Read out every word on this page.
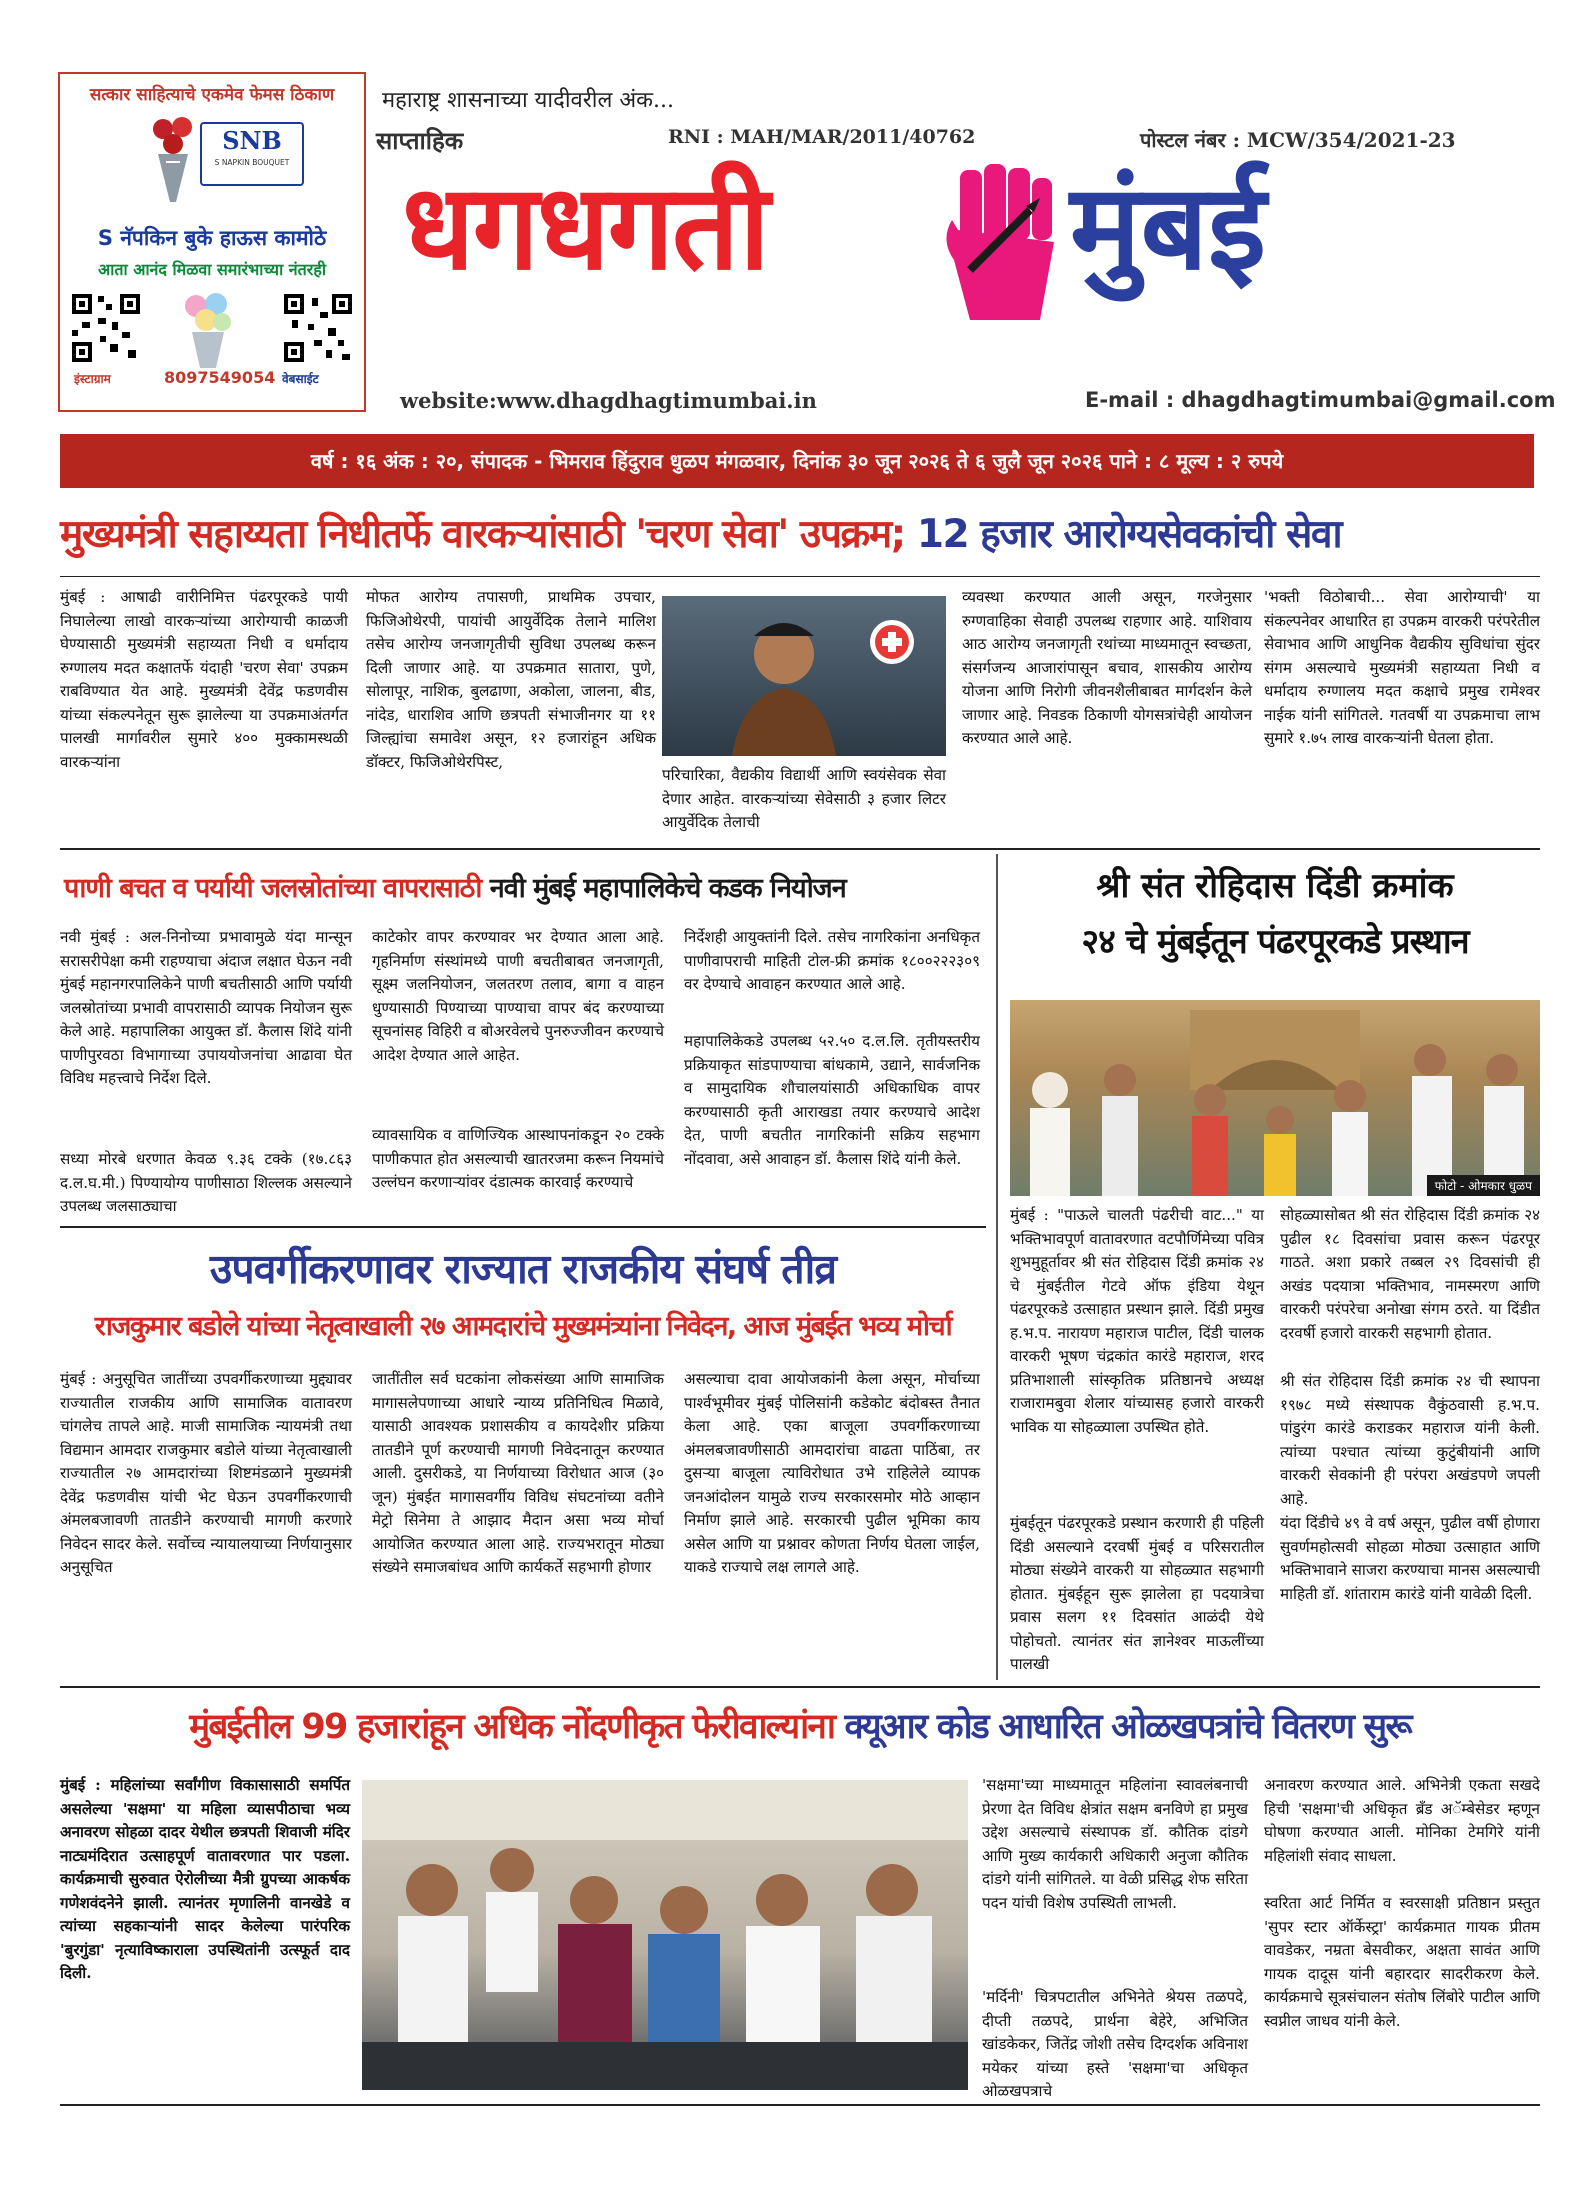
सत्कार साहित्याचे एकमेव फेमस ठिकाण
SNB
S NAPKIN BOUQUET
S नॅपकिन बुके हाऊस कामोठे
आता आनंद मिळवा समारंभाच्या नंतरही
इंस्टाग्राम	8097549054 वेबसाईट
महाराष्ट्र शासनाच्या यादीवरील अंक...
साप्ताहिक	RNI : MAH/MAR/2011/40762	पोस्टल नंबर : MCW/354/2021-23
धगधगती	मुंबई
website:www.dhagdhagtimumbai.in	E-mail : dhagdhagtimumbai@gmail.com
वर्ष : १६ अंक : २०, संपादक - भिमराव हिंदुराव धुळप मंगळवार, दिनांक ३० जून २०२६ ते ६ जुलै जून २०२६ पाने : ८ मूल्य : २ रुपये
मुख्यमंत्री सहाय्यता निधीतर्फे वारकऱ्यांसाठी 'चरण सेवा' उपक्रम; 12 हजार आरोग्यसेवकांची सेवा
मुंबई : आषाढी वारीनिमित्त पंढरपूरकडे पायी निघालेल्या लाखो वारकऱ्यांच्या आरोग्याची काळजी घेण्यासाठी मुख्यमंत्री सहाय्यता निधी व धर्मादाय रुग्णालय मदत कक्षातर्फे यंदाही 'चरण सेवा' उपक्रम राबविण्यात येत आहे. मुख्यमंत्री देवेंद्र फडणवीस यांच्या संकल्पनेतून सुरू झालेल्या या उपक्रमाअंतर्गत पालखी मार्गावरील सुमारे ४०० मुक्कामस्थळी वारकऱ्यांना
मोफत आरोग्य तपासणी, प्राथमिक उपचार, फिजिओथेरपी, पायांची आयुर्वेदिक तेलाने मालिश तसेच आरोग्य जनजागृतीची सुविधा उपलब्ध करून दिली जाणार आहे. या उपक्रमात सातारा, पुणे, सोलापूर, नाशिक, बुलढाणा, अकोला, जालना, बीड, नांदेड, धाराशिव आणि छत्रपती संभाजीनगर या ११ जिल्ह्यांचा समावेश असून, १२ हजारांहून अधिक डॉक्टर, फिजिओथेरपिस्ट,
परिचारिका, वैद्यकीय विद्यार्थी आणि स्वयंसेवक सेवा देणार आहेत. वारकऱ्यांच्या सेवेसाठी ३ हजार लिटर आयुर्वेदिक तेलाची
व्यवस्था करण्यात आली असून, गरजेनुसार रुग्णवाहिका सेवाही उपलब्ध राहणार आहे. याशिवाय आठ आरोग्य जनजागृती रथांच्या माध्यमातून स्वच्छता, संसर्गजन्य आजारांपासून बचाव, शासकीय आरोग्य योजना आणि निरोगी जीवनशैलीबाबत मार्गदर्शन केले जाणार आहे. निवडक ठिकाणी योगसत्रांचेही आयोजन करण्यात आले आहे.
'भक्ती विठोबाची... सेवा आरोग्याची' या संकल्पनेवर आधारित हा उपक्रम वारकरी परंपरेतील सेवाभाव आणि आधुनिक वैद्यकीय सुविधांचा सुंदर संगम असल्याचे मुख्यमंत्री सहाय्यता निधी व धर्मादाय रुग्णालय मदत कक्षाचे प्रमुख रामेश्वर नाईक यांनी सांगितले. गतवर्षी या उपक्रमाचा लाभ सुमारे १.७५ लाख वारकऱ्यांनी घेतला होता.
पाणी बचत व पर्यायी जलस्रोतांच्या वापरासाठी नवी मुंबई महापालिकेचे कडक नियोजन
नवी मुंबई : अल-निनोच्या प्रभावामुळे यंदा मान्सून सरासरीपेक्षा कमी राहण्याचा अंदाज लक्षात घेऊन नवी मुंबई महानगरपालिकेने पाणी बचतीसाठी आणि पर्यायी जलस्रोतांच्या प्रभावी वापरासाठी व्यापक नियोजन सुरू केले आहे. महापालिका आयुक्त डॉ. कैलास शिंदे यांनी पाणीपुरवठा विभागाच्या उपाययोजनांचा आढावा घेत विविध महत्त्वाचे निर्देश दिले.
सध्या मोरबे धरणात केवळ ९.३६ टक्के (१७.८६३ द.ल.घ.मी.) पिण्यायोग्य पाणीसाठा शिल्लक असल्याने उपलब्ध जलसाठ्याचा
काटेकोर वापर करण्यावर भर देण्यात आला आहे. गृहनिर्माण संस्थांमध्ये पाणी बचतीबाबत जनजागृती, सूक्ष्म जलनियोजन, जलतरण तलाव, बागा व वाहन धुण्यासाठी पिण्याच्या पाण्याचा वापर बंद करण्याच्या सूचनांसह विहिरी व बोअरवेलचे पुनरुज्जीवन करण्याचे आदेश देण्यात आले आहेत.
व्यावसायिक व वाणिज्यिक आस्थापनांकडून २० टक्के पाणीकपात होत असल्याची खातरजमा करून नियमांचे उल्लंघन करणाऱ्यांवर दंडात्मक कारवाई करण्याचे
निर्देशही आयुक्तांनी दिले. तसेच नागरिकांना अनधिकृत पाणीवापराची माहिती टोल-फ्री क्रमांक १८००२२२३०९ वर देण्याचे आवाहन करण्यात आले आहे.
महापालिकेकडे उपलब्ध ५२.५० द.ल.लि. तृतीयस्तरीय प्रक्रियाकृत सांडपाण्याचा बांधकामे, उद्याने, सार्वजनिक व सामुदायिक शौचालयांसाठी अधिकाधिक वापर करण्यासाठी कृती आराखडा तयार करण्याचे आदेश देत, पाणी बचतीत नागरिकांनी सक्रिय सहभाग नोंदवावा, असे आवाहन डॉ. कैलास शिंदे यांनी केले.
श्री संत रोहिदास दिंडी क्रमांक
२४ चे मुंबईतून पंढरपूरकडे प्रस्थान
फोटो - ओमकार धुळप
मुंबई : "पाऊले चालती पंढरीची वाट..." या भक्तिभावपूर्ण वातावरणात वटपौर्णिमेच्या पवित्र शुभमुहूर्तावर श्री संत रोहिदास दिंडी क्रमांक २४ चे मुंबईतील गेटवे ऑफ इंडिया येथून पंढरपूरकडे उत्साहात प्रस्थान झाले. दिंडी प्रमुख ह.भ.प. नारायण महाराज पाटील, दिंडी चालक वारकरी भूषण चंद्रकांत कारंडे महाराज, शरद प्रतिभाशाली सांस्कृतिक प्रतिष्ठानचे अध्यक्ष राजारामबुवा शेलार यांच्यासह हजारो वारकरी भाविक या सोहळ्याला उपस्थित होते.
मुंबईतून पंढरपूरकडे प्रस्थान करणारी ही पहिली दिंडी असल्याने दरवर्षी मुंबई व परिसरातील मोठ्या संख्येने वारकरी या सोहळ्यात सहभागी होतात. मुंबईहून सुरू झालेला हा पदयात्रेचा प्रवास सलग ११ दिवसांत आळंदी येथे पोहोचतो. त्यानंतर संत ज्ञानेश्वर माऊलींच्या पालखी
सोहळ्यासोबत श्री संत रोहिदास दिंडी क्रमांक २४ पुढील १८ दिवसांचा प्रवास करून पंढरपूर गाठते. अशा प्रकारे तब्बल २९ दिवसांची ही अखंड पदयात्रा भक्तिभाव, नामस्मरण आणि वारकरी परंपरेचा अनोखा संगम ठरते. या दिंडीत दरवर्षी हजारो वारकरी सहभागी होतात.
श्री संत रोहिदास दिंडी क्रमांक २४ ची स्थापना १९७८ मध्ये संस्थापक वैकुंठवासी ह.भ.प. पांडुरंग कारंडे कराडकर महाराज यांनी केली. त्यांच्या पश्चात त्यांच्या कुटुंबीयांनी आणि वारकरी सेवकांनी ही परंपरा अखंडपणे जपली आहे.
यंदा दिंडीचे ४९ वे वर्ष असून, पुढील वर्षी होणारा सुवर्णमहोत्सवी सोहळा मोठ्या उत्साहात आणि भक्तिभावाने साजरा करण्याचा मानस असल्याची माहिती डॉ. शांताराम कारंडे यांनी यावेळी दिली.
उपवर्गीकरणावर राज्यात राजकीय संघर्ष तीव्र
राजकुमार बडोले यांच्या नेतृत्वाखाली २७ आमदारांचे मुख्यमंत्र्यांना निवेदन, आज मुंबईत भव्य मोर्चा
मुंबई : अनुसूचित जातींच्या उपवर्गीकरणाच्या मुद्द्यावर राज्यातील राजकीय आणि सामाजिक वातावरण चांगलेच तापले आहे. माजी सामाजिक न्यायमंत्री तथा विद्यमान आमदार राजकुमार बडोले यांच्या नेतृत्वाखाली राज्यातील २७ आमदारांच्या शिष्टमंडळाने मुख्यमंत्री देवेंद्र फडणवीस यांची भेट घेऊन उपवर्गीकरणाची अंमलबजावणी तातडीने करण्याची मागणी करणारे निवेदन सादर केले. सर्वोच्च न्यायालयाच्या निर्णयानुसार अनुसूचित
जातींतील सर्व घटकांना लोकसंख्या आणि सामाजिक मागासलेपणाच्या आधारे न्याय्य प्रतिनिधित्व मिळावे, यासाठी आवश्यक प्रशासकीय व कायदेशीर प्रक्रिया तातडीने पूर्ण करण्याची मागणी निवेदनातून करण्यात आली. दुसरीकडे, या निर्णयाच्या विरोधात आज (३० जून) मुंबईत मागासवर्गीय विविध संघटनांच्या वतीने मेट्रो सिनेमा ते आझाद मैदान असा भव्य मोर्चा आयोजित करण्यात आला आहे. राज्यभरातून मोठ्या संख्येने समाजबांधव आणि कार्यकर्ते सहभागी होणार
असल्याचा दावा आयोजकांनी केला असून, मोर्चाच्या पार्श्वभूमीवर मुंबई पोलिसांनी कडेकोट बंदोबस्त तैनात केला आहे. एका बाजूला उपवर्गीकरणाच्या अंमलबजावणीसाठी आमदारांचा वाढता पाठिंबा, तर दुसऱ्या बाजूला त्याविरोधात उभे राहिलेले व्यापक जनआंदोलन यामुळे राज्य सरकारसमोर मोठे आव्हान निर्माण झाले आहे. सरकारची पुढील भूमिका काय असेल आणि या प्रश्नावर कोणता निर्णय घेतला जाईल, याकडे राज्याचे लक्ष लागले आहे.
मुंबईतील 99 हजारांहून अधिक नोंदणीकृत फेरीवाल्यांना क्यूआर कोड आधारित ओळखपत्रांचे वितरण सुरू
मुंबई : महिलांच्या सर्वांगीण विकासासाठी समर्पित असलेल्या 'सक्षमा' या महिला व्यासपीठाचा भव्य अनावरण सोहळा दादर येथील छत्रपती शिवाजी मंदिर नाट्यमंदिरात उत्साहपूर्ण वातावरणात पार पडला. कार्यक्रमाची सुरुवात ऐरोलीच्या मैत्री ग्रुपच्या आकर्षक गणेशवंदनेने झाली. त्यानंतर मृणालिनी वानखेडे व त्यांच्या सहकाऱ्यांनी सादर केलेल्या पारंपरिक 'बुरगुंडा' नृत्याविष्काराला उपस्थितांनी उत्स्फूर्त दाद दिली.
'सक्षमा'च्या माध्यमातून महिलांना स्वावलंबनाची प्रेरणा देत विविध क्षेत्रांत सक्षम बनविणे हा प्रमुख उद्देश असल्याचे संस्थापक डॉ. कौतिक दांडगे आणि मुख्य कार्यकारी अधिकारी अनुजा कौतिक दांडगे यांनी सांगितले. या वेळी प्रसिद्ध शेफ सरिता पदन यांची विशेष उपस्थिती लाभली.
'मर्दिनी' चित्रपटातील अभिनेते श्रेयस तळपदे, दीप्ती तळपदे, प्रार्थना बेहेरे, अभिजित खांडकेकर, जितेंद्र जोशी तसेच दिग्दर्शक अविनाश मयेकर यांच्या हस्ते 'सक्षमा'चा अधिकृत ओळखपत्राचे
अनावरण करण्यात आले. अभिनेत्री एकता सखदे हिची 'सक्षमा'ची अधिकृत ब्रँड अॅम्बेसेडर म्हणून घोषणा करण्यात आली. मोनिका टेमगिरे यांनी महिलांशी संवाद साधला.
स्वरिता आर्ट निर्मित व स्वरसाक्षी प्रतिष्ठान प्रस्तुत 'सुपर स्टार ऑर्केस्ट्रा' कार्यक्रमात गायक प्रीतम वावडेकर, नम्रता बेसवीकर, अक्षता सावंत आणि गायक दादूस यांनी बहारदार सादरीकरण केले. कार्यक्रमाचे सूत्रसंचालन संतोष लिंबोरे पाटील आणि स्वप्नील जाधव यांनी केले.
